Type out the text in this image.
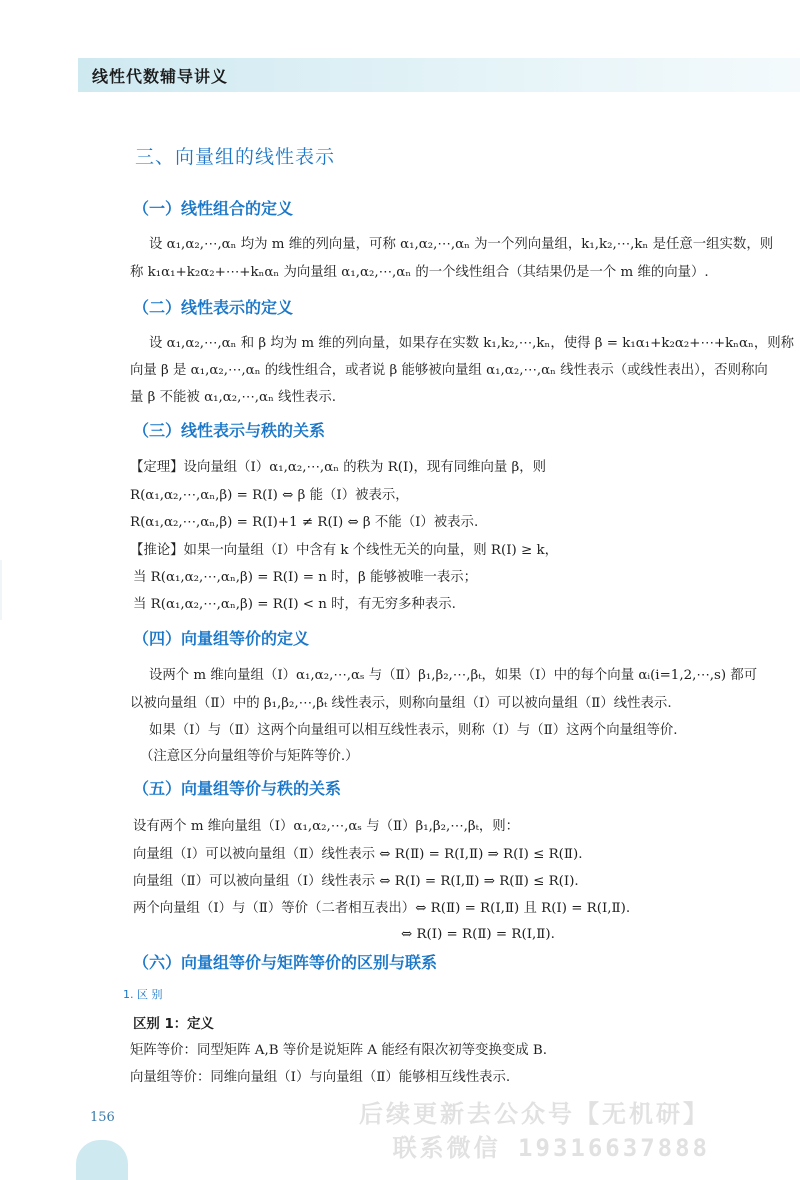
线性代数辅导讲义
三、向量组的线性表示
（一）线性组合的定义
设 α₁,α₂,⋯,αₙ 均为 m 维的列向量，可称 α₁,α₂,⋯,αₙ 为一个列向量组，k₁,k₂,⋯,kₙ 是任意一组实数，则
称 k₁α₁+k₂α₂+⋯+kₙαₙ 为向量组 α₁,α₂,⋯,αₙ 的一个线性组合（其结果仍是一个 m 维的向量）.
（二）线性表示的定义
设 α₁,α₂,⋯,αₙ 和 β 均为 m 维的列向量，如果存在实数 k₁,k₂,⋯,kₙ，使得 β = k₁α₁+k₂α₂+⋯+kₙαₙ，则称
向量 β 是 α₁,α₂,⋯,αₙ 的线性组合，或者说 β 能够被向量组 α₁,α₂,⋯,αₙ 线性表示（或线性表出），否则称向
量 β 不能被 α₁,α₂,⋯,αₙ 线性表示.
（三）线性表示与秩的关系
【定理】设向量组（Ⅰ）α₁,α₂,⋯,αₙ 的秩为 R(Ⅰ)，现有同维向量 β，则
R(α₁,α₂,⋯,αₙ,β) = R(Ⅰ) ⇔ β 能（Ⅰ）被表示，
R(α₁,α₂,⋯,αₙ,β) = R(Ⅰ)+1 ≠ R(Ⅰ) ⇔ β 不能（Ⅰ）被表示.
【推论】如果一向量组（Ⅰ）中含有 k 个线性无关的向量，则 R(Ⅰ) ≥ k，
当 R(α₁,α₂,⋯,αₙ,β) = R(Ⅰ) = n 时，β 能够被唯一表示；
当 R(α₁,α₂,⋯,αₙ,β) = R(Ⅰ) < n 时，有无穷多种表示.
（四）向量组等价的定义
设两个 m 维向量组（Ⅰ）α₁,α₂,⋯,αₛ 与（Ⅱ）β₁,β₂,⋯,βₜ，如果（Ⅰ）中的每个向量 αᵢ(i=1,2,⋯,s) 都可
以被向量组（Ⅱ）中的 β₁,β₂,⋯,βₜ 线性表示，则称向量组（Ⅰ）可以被向量组（Ⅱ）线性表示.
如果（Ⅰ）与（Ⅱ）这两个向量组可以相互线性表示，则称（Ⅰ）与（Ⅱ）这两个向量组等价.
（注意区分向量组等价与矩阵等价.）
（五）向量组等价与秩的关系
设有两个 m 维向量组（Ⅰ）α₁,α₂,⋯,αₛ 与（Ⅱ）β₁,β₂,⋯,βₜ，则：
向量组（Ⅰ）可以被向量组（Ⅱ）线性表示 ⇔ R(Ⅱ) = R(Ⅰ,Ⅱ) ⇒ R(Ⅰ) ≤ R(Ⅱ).
向量组（Ⅱ）可以被向量组（Ⅰ）线性表示 ⇔ R(Ⅰ) = R(Ⅰ,Ⅱ) ⇒ R(Ⅱ) ≤ R(Ⅰ).
两个向量组（Ⅰ）与（Ⅱ）等价（二者相互表出）⇔ R(Ⅱ) = R(Ⅰ,Ⅱ) 且 R(Ⅰ) = R(Ⅰ,Ⅱ).
⇔ R(Ⅰ) = R(Ⅱ) = R(Ⅰ,Ⅱ).
（六）向量组等价与矩阵等价的区别与联系
1. 区 别
区别 1：定义
矩阵等价：同型矩阵 A,B 等价是说矩阵 A 能经有限次初等变换变成 B.
向量组等价：同维向量组（Ⅰ）与向量组（Ⅱ）能够相互线性表示.
156	后续更新去公众号【无机研】
联系微信 19316637888
